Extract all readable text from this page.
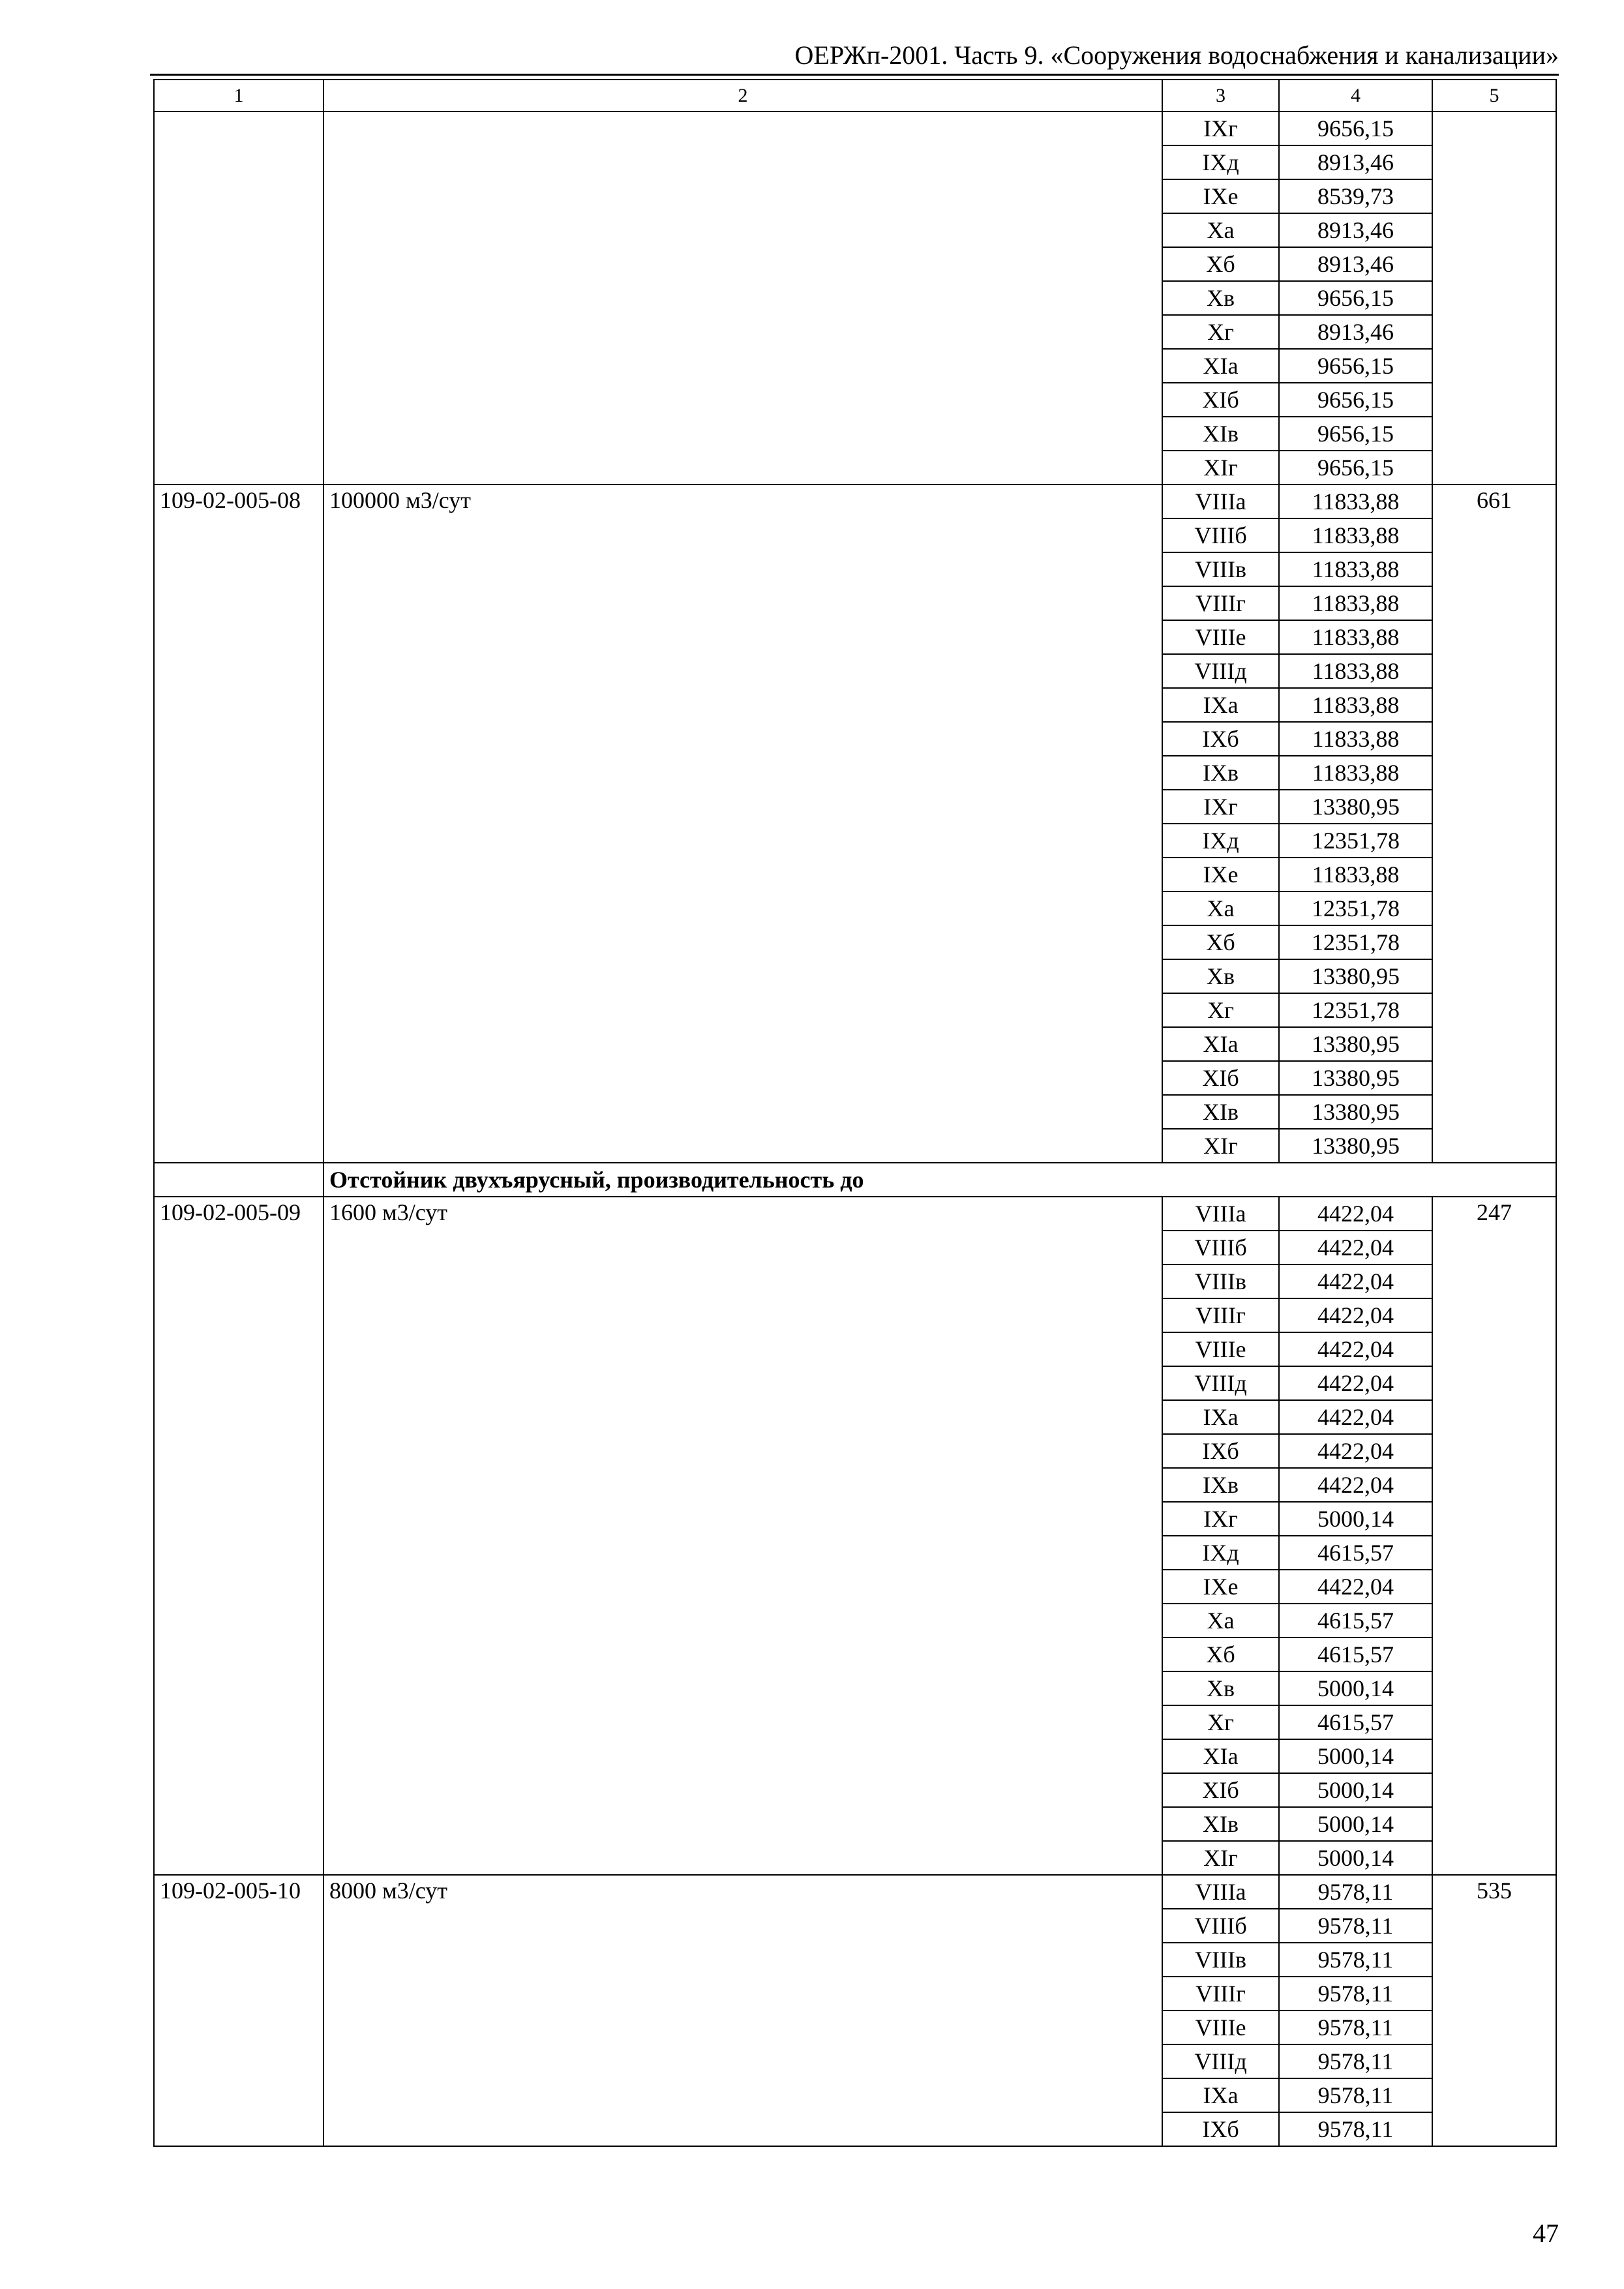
ОЕРЖп-2001. Часть 9. «Сооружения водоснабжения и канализации»
1	2	3	4	5
		IXг	9656,15	
		IXд	8913,46	
		IXе	8539,73	
		Xа	8913,46	
		Xб	8913,46	
		Xв	9656,15	
		Xг	8913,46	
		XIа	9656,15	
		XIб	9656,15	
		XIв	9656,15	
		XIг	9656,15	
109-02-005-08	100000 м3/сут	VIIIа	11833,88	661
		VIIIб	11833,88	
		VIIIв	11833,88	
		VIIIг	11833,88	
		VIIIе	11833,88	
		VIIIд	11833,88	
		IXа	11833,88	
		IXб	11833,88	
		IXв	11833,88	
		IXг	13380,95	
		IXд	12351,78	
		IXе	11833,88	
		Xа	12351,78	
		Xб	12351,78	
		Xв	13380,95	
		Xг	12351,78	
		XIа	13380,95	
		XIб	13380,95	
		XIв	13380,95	
		XIг	13380,95	
	Отстойник двухъярусный, производительность до			
109-02-005-09	1600 м3/сут	VIIIа	4422,04	247
		VIIIб	4422,04	
		VIIIв	4422,04	
		VIIIг	4422,04	
		VIIIе	4422,04	
		VIIIд	4422,04	
		IXа	4422,04	
		IXб	4422,04	
		IXв	4422,04	
		IXг	5000,14	
		IXд	4615,57	
		IXе	4422,04	
		Xа	4615,57	
		Xб	4615,57	
		Xв	5000,14	
		Xг	4615,57	
		XIа	5000,14	
		XIб	5000,14	
		XIв	5000,14	
		XIг	5000,14	
109-02-005-10	8000 м3/сут	VIIIа	9578,11	535
		VIIIб	9578,11	
		VIIIв	9578,11	
		VIIIг	9578,11	
		VIIIе	9578,11	
		VIIIд	9578,11	
		IXа	9578,11	
		IXб	9578,11	
47
